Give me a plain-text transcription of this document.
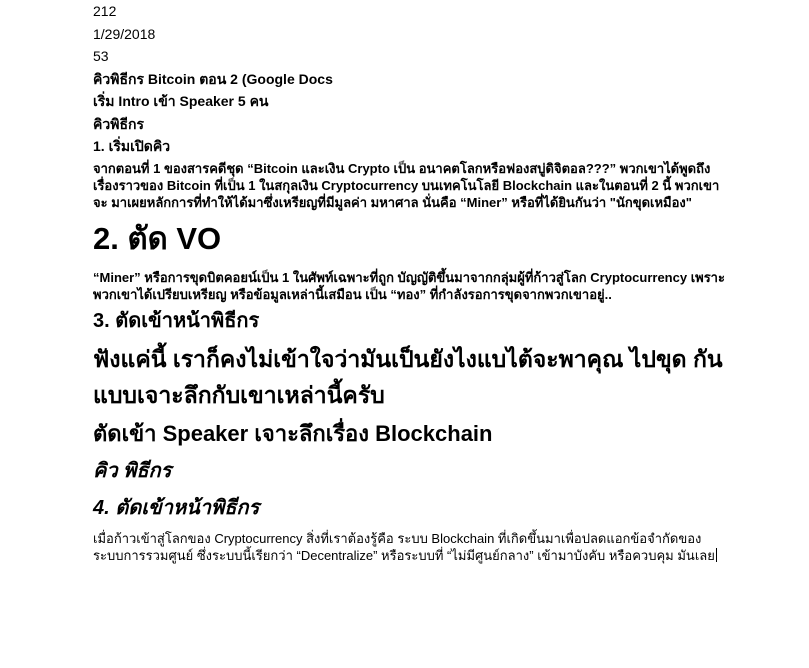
212
1/29/2018
53
คิวพิธีกร Bitcoin ตอน 2 (Google Docs
เริ่ม Intro เข้า Speaker 5 คน
คิวพิธีกร
1. เริ่มเปิดคิว

จากตอนที่ 1 ของสารคดีชุด “Bitcoin และเงิน Crypto เป็น อนาคตโลกหรือฟองสบู่ดิจิตอล???” พวกเขาได้พูดถึง เรื่องราวของ Bitcoin ที่เป็น 1 ในสกุลเงิน Cryptocurrency บนเทคโนโลยี Blockchain และในตอนที่ 2 นี้ พวกเขาจะ มาเผยหลักการที่ทำให้ได้มาซึ่งเหรียญที่มีมูลค่า มหาศาล นั่นคือ “Miner” หรือที่ได้ยินกันว่า "นักขุดเหมือง"

2. ตัด VO

“Miner” หรือการขุดบิตคอยน์เป็น 1 ในศัพท์เฉพาะที่ถูก บัญญัติขึ้นมาจากกลุ่มผู้ที่ก้าวสู่โลก Cryptocurrency เพราะพวกเขาได้เปรียบเหรียญ หรือข้อมูลเหล่านี้เสมือน เป็น “ทอง” ที่กำลังรอการขุดจากพวกเขาอยู่..

3. ตัดเข้าหน้าพิธีกร

ฟังแค่นี้ เราก็คงไม่เข้าใจว่ามันเป็นยังไงแบไต้จะพาคุณ ไปขุด กันแบบเจาะลึกกับเขาเหล่านี้ครับ

ตัดเข้า Speaker เจาะลึกเรื่อง Blockchain

คิว พิธีกร

4. ตัดเข้าหน้าพิธีกร

เมื่อก้าวเข้าสู่โลกของ Cryptocurrency สิ่งที่เราต้องรู้คือ ระบบ Blockchain ที่เกิดขึ้นมาเพื่อปลดแอกข้อจำกัดของ ระบบการรวมศูนย์ ซึ่งระบบนี้เรียกว่า “Decentralize” หรือระบบที่ “ไม่มีศูนย์กลาง” เข้ามาบังคับ หรือควบคุม มันเลย
